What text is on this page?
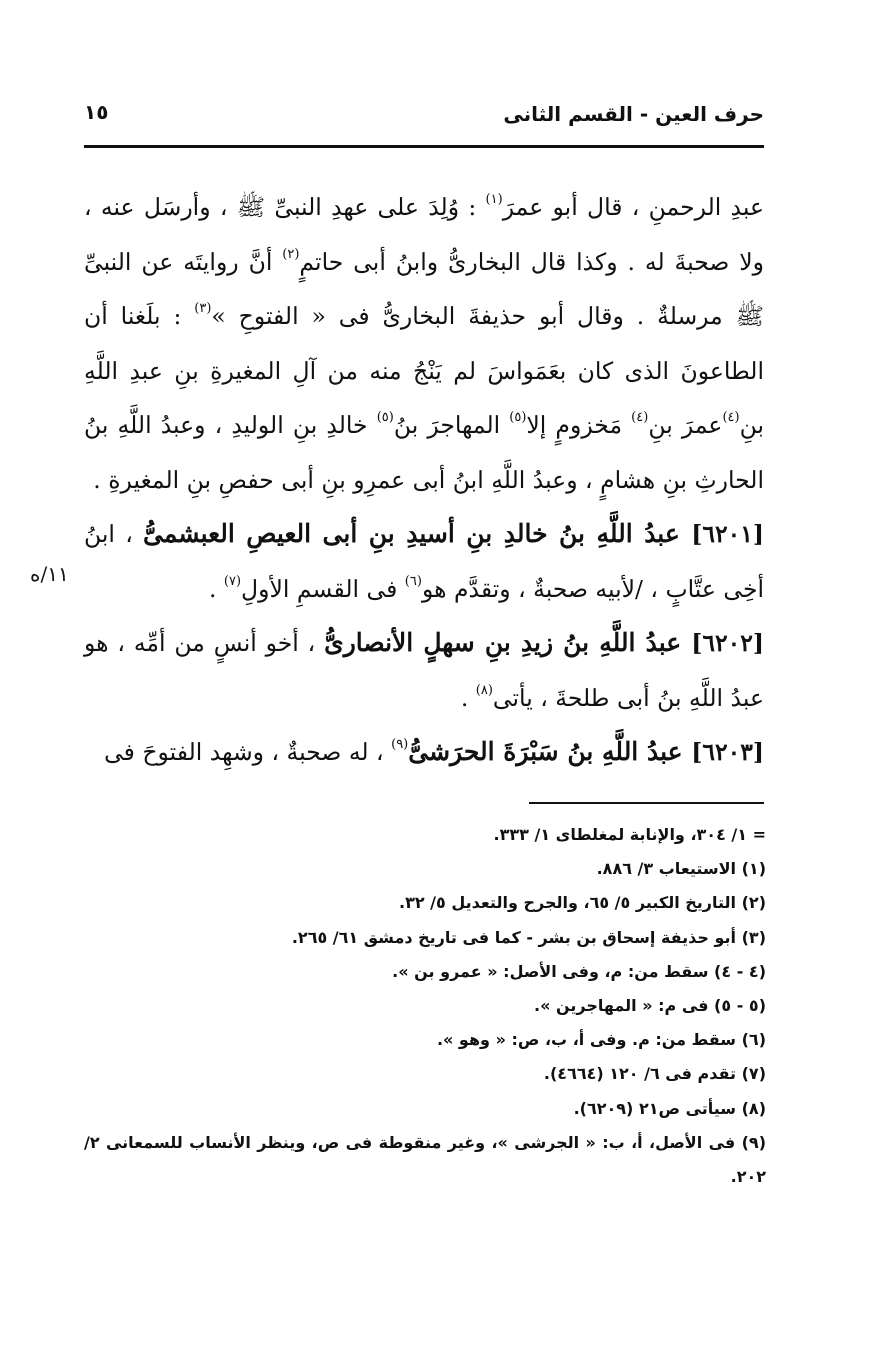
حرف العين - القسم الثانى
١٥
١١/ه

عبدِ الرحمنِ ، قال أبو عمرَ$^{(١)}$ : وُلِدَ على عهدِ النبىِّ ﷺ ، وأرسَل عنه ، ولا صحبةَ له . وكذا قال البخارىُّ وابنُ أبى حاتمٍ$^{(٢)}$ أنَّ روايتَه عن النبىِّ ﷺ مرسلةٌ . وقال أبو حذيفةَ البخارىُّ فى « الفتوحِ »$^{(٣)}$ : بلَغنا أن الطاعونَ الذى كان بعَمَواسَ لم يَنْجُ منه من آلِ المغيرةِ بنِ عبدِ اللَّهِ بنِ$^{(٤)}$عمرَ بنِ$^{(٤)}$ مَخزومٍ إلا$^{(٥)}$ المهاجرَ بنُ$^{(٥)}$ خالدِ بنِ الوليدِ ، وعبدُ اللَّهِ بنُ الحارثِ بنِ هشامٍ ، وعبدُ اللَّهِ ابنُ أبى عمرِو بنِ أبى حفصِ بنِ المغيرةِ .

[٦٢٠١] عبدُ اللَّهِ بنُ خالدِ بنِ أسيدِ بنِ أبى العيصِ العبشمىُّ ، ابنُ أخِى عتَّابٍ ، /لأبيه صحبةٌ ، وتقدَّم هو$^{(٦)}$ فى القسمِ الأولِ$^{(٧)}$ .

[٦٢٠٢] عبدُ اللَّهِ بنُ زيدِ بنِ سهلٍ الأنصارىُّ ، أخو أنسٍ من أمِّه ، هو عبدُ اللَّهِ بنُ أبى طلحةَ ، يأتى$^{(٨)}$ .

[٦٢٠٣] عبدُ اللَّهِ بنُ سَبْرَةَ الحرَشىُّ$^{(٩)}$ ، له صحبةٌ ، وشهِد الفتوحَ فى

= ١/ ٣٠٤، والإنابة لمغلطاى ١/ ٣٣٣.

(١) الاستيعاب ٣/ ٨٨٦.

(٢) التاريخ الكبير ٥/ ٦٥، والجرح والتعديل ٥/ ٣٢.

(٣) أبو حذيفة إسحاق بن بشر - كما فى تاريخ دمشق ٦١/ ٢٦٥.

(٤ - ٤) سقط من: م، وفى الأصل: « عمرو بن ».

(٥ - ٥) فى م: « المهاجرين ».

(٦) سقط من: م. وفى أ، ب، ص: « وهو ».

(٧) تقدم فى ٦/ ١٢٠ (٤٦٦٤).

(٨) سيأتى ص٢١ (٦٢٠٩).

(٩) فى الأصل، أ، ب: « الجرشى »، وغير منقوطة فى ص، وينظر الأنساب للسمعانى ٢/ ٢٠٢.
